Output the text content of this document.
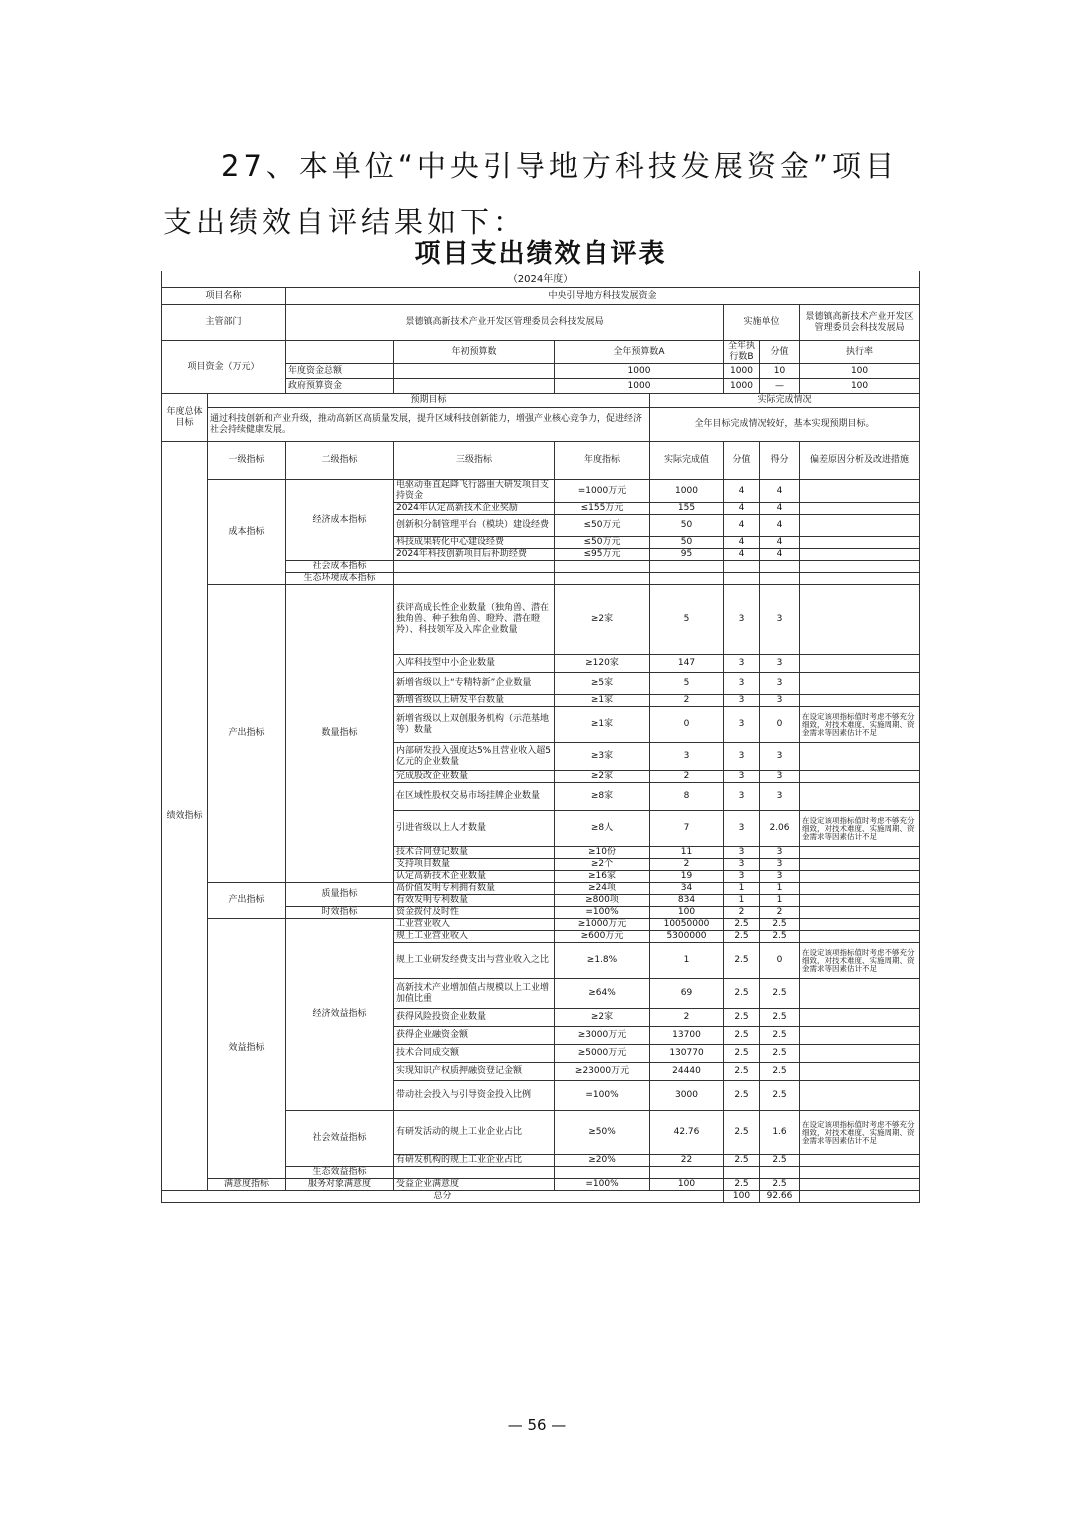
27、本单位“中央引导地方科技发展资金”项目支出绩效自评结果如下：

项目支出绩效自评表								
（2024年度）								
项目名称		中央引导地方科技发展资金						
主管部门		景德镇高新技术产业开发区管理委员会科技发展局				实施单位		景德镇高新技术产业开发区管理委员会科技发展局
项目资金（万元）			年初预算数	全年预算数A		全年执行数B	分值	执行率
		年度资金总额		1000		1000	10	100
		政府预算资金		1000		1000	—	100
年度总体目标	预期目标				实际完成情况			
	通过科技创新和产业升级，推动高新区高质量发展，提升区域科技创新能力，增强产业核心竞争力，促进经济社会持续健康发展。				全年目标完成情况较好，基本实现预期目标。			
绩效指标	一级指标	二级指标	三级指标	年度指标	实际完成值	分值	得分	偏差原因分析及改进措施
	成本指标	经济成本指标	电驱动垂直起降飞行器重大研发项目支持资金	=1000万元	1000	4	4	
			2024年认定高新技术企业奖励	≤155万元	155	4	4	
			创新积分制管理平台（模块）建设经费	≤50万元	50	4	4	
			科技成果转化中心建设经费	≤50万元	50	4	4	
			2024年科技创新项目后补助经费	≤95万元	95	4	4	
		社会成本指标						
		生态环境成本指标						
	产出指标	数量指标	获评高成长性企业数量（独角兽、潜在独角兽、种子独角兽、瞪羚、潜在瞪羚）、科技领军及入库企业数量	≥2家	5	3	3	
			入库科技型中小企业数量	≥120家	147	3	3	
			新增省级以上“专精特新”企业数量	≥5家	5	3	3	
			新增省级以上研发平台数量	≥1家	2	3	3	
			新增省级以上双创服务机构（示范基地等）数量	≥1家	0	3	0	在设定该项指标值时考虑不够充分细致，对技术难度、实施周期、资金需求等因素估计不足
			内部研发投入强度达5%且营业收入超5亿元的企业数量	≥3家	3	3	3	
			完成股改企业数量	≥2家	2	3	3	
			在区域性股权交易市场挂牌企业数量	≥8家	8	3	3	
			引进省级以上人才数量	≥8人	7	3	2.06	在设定该项指标值时考虑不够充分细致，对技术难度、实施周期、资金需求等因素估计不足
			技术合同登记数量	≥10份	11	3	3	
			支持项目数量	≥2个	2	3	3	
			认定高新技术企业数量	≥16家	19	3	3	
	产出指标	质量指标	高价值发明专利拥有数量	≥24项	34	1	1	
			有效发明专利数量	≥800项	834	1	1	
		时效指标	资金拨付及时性	=100%	100	2	2	
	效益指标	经济效益指标	工业营业收入	≥1000万元	10050000	2.5	2.5	
			规上工业营业收入	≥600万元	5300000	2.5	2.5	
			规上工业研发经费支出与营业收入之比	≥1.8%	1	2.5	0	在设定该项指标值时考虑不够充分细致，对技术难度、实施周期、资金需求等因素估计不足
			高新技术产业增加值占规模以上工业增加值比重	≥64%	69	2.5	2.5	
			获得风险投资企业数量	≥2家	2	2.5	2.5	
			获得企业融资金额	≥3000万元	13700	2.5	2.5	
			技术合同成交额	≥5000万元	130770	2.5	2.5	
			实现知识产权质押融资登记金额	≥23000万元	24440	2.5	2.5	
			带动社会投入与引导资金投入比例	=100%	3000	2.5	2.5	
		社会效益指标	有研发活动的规上工业企业占比	≥50%	42.76	2.5	1.6	在设定该项指标值时考虑不够充分细致，对技术难度、实施周期、资金需求等因素估计不足
			有研发机构的规上工业企业占比	≥20%	22	2.5	2.5	
		生态效益指标						
	满意度指标	服务对象满意度	受益企业满意度	=100%	100	2.5	2.5	
总分						100	92.66	
— 56 —
